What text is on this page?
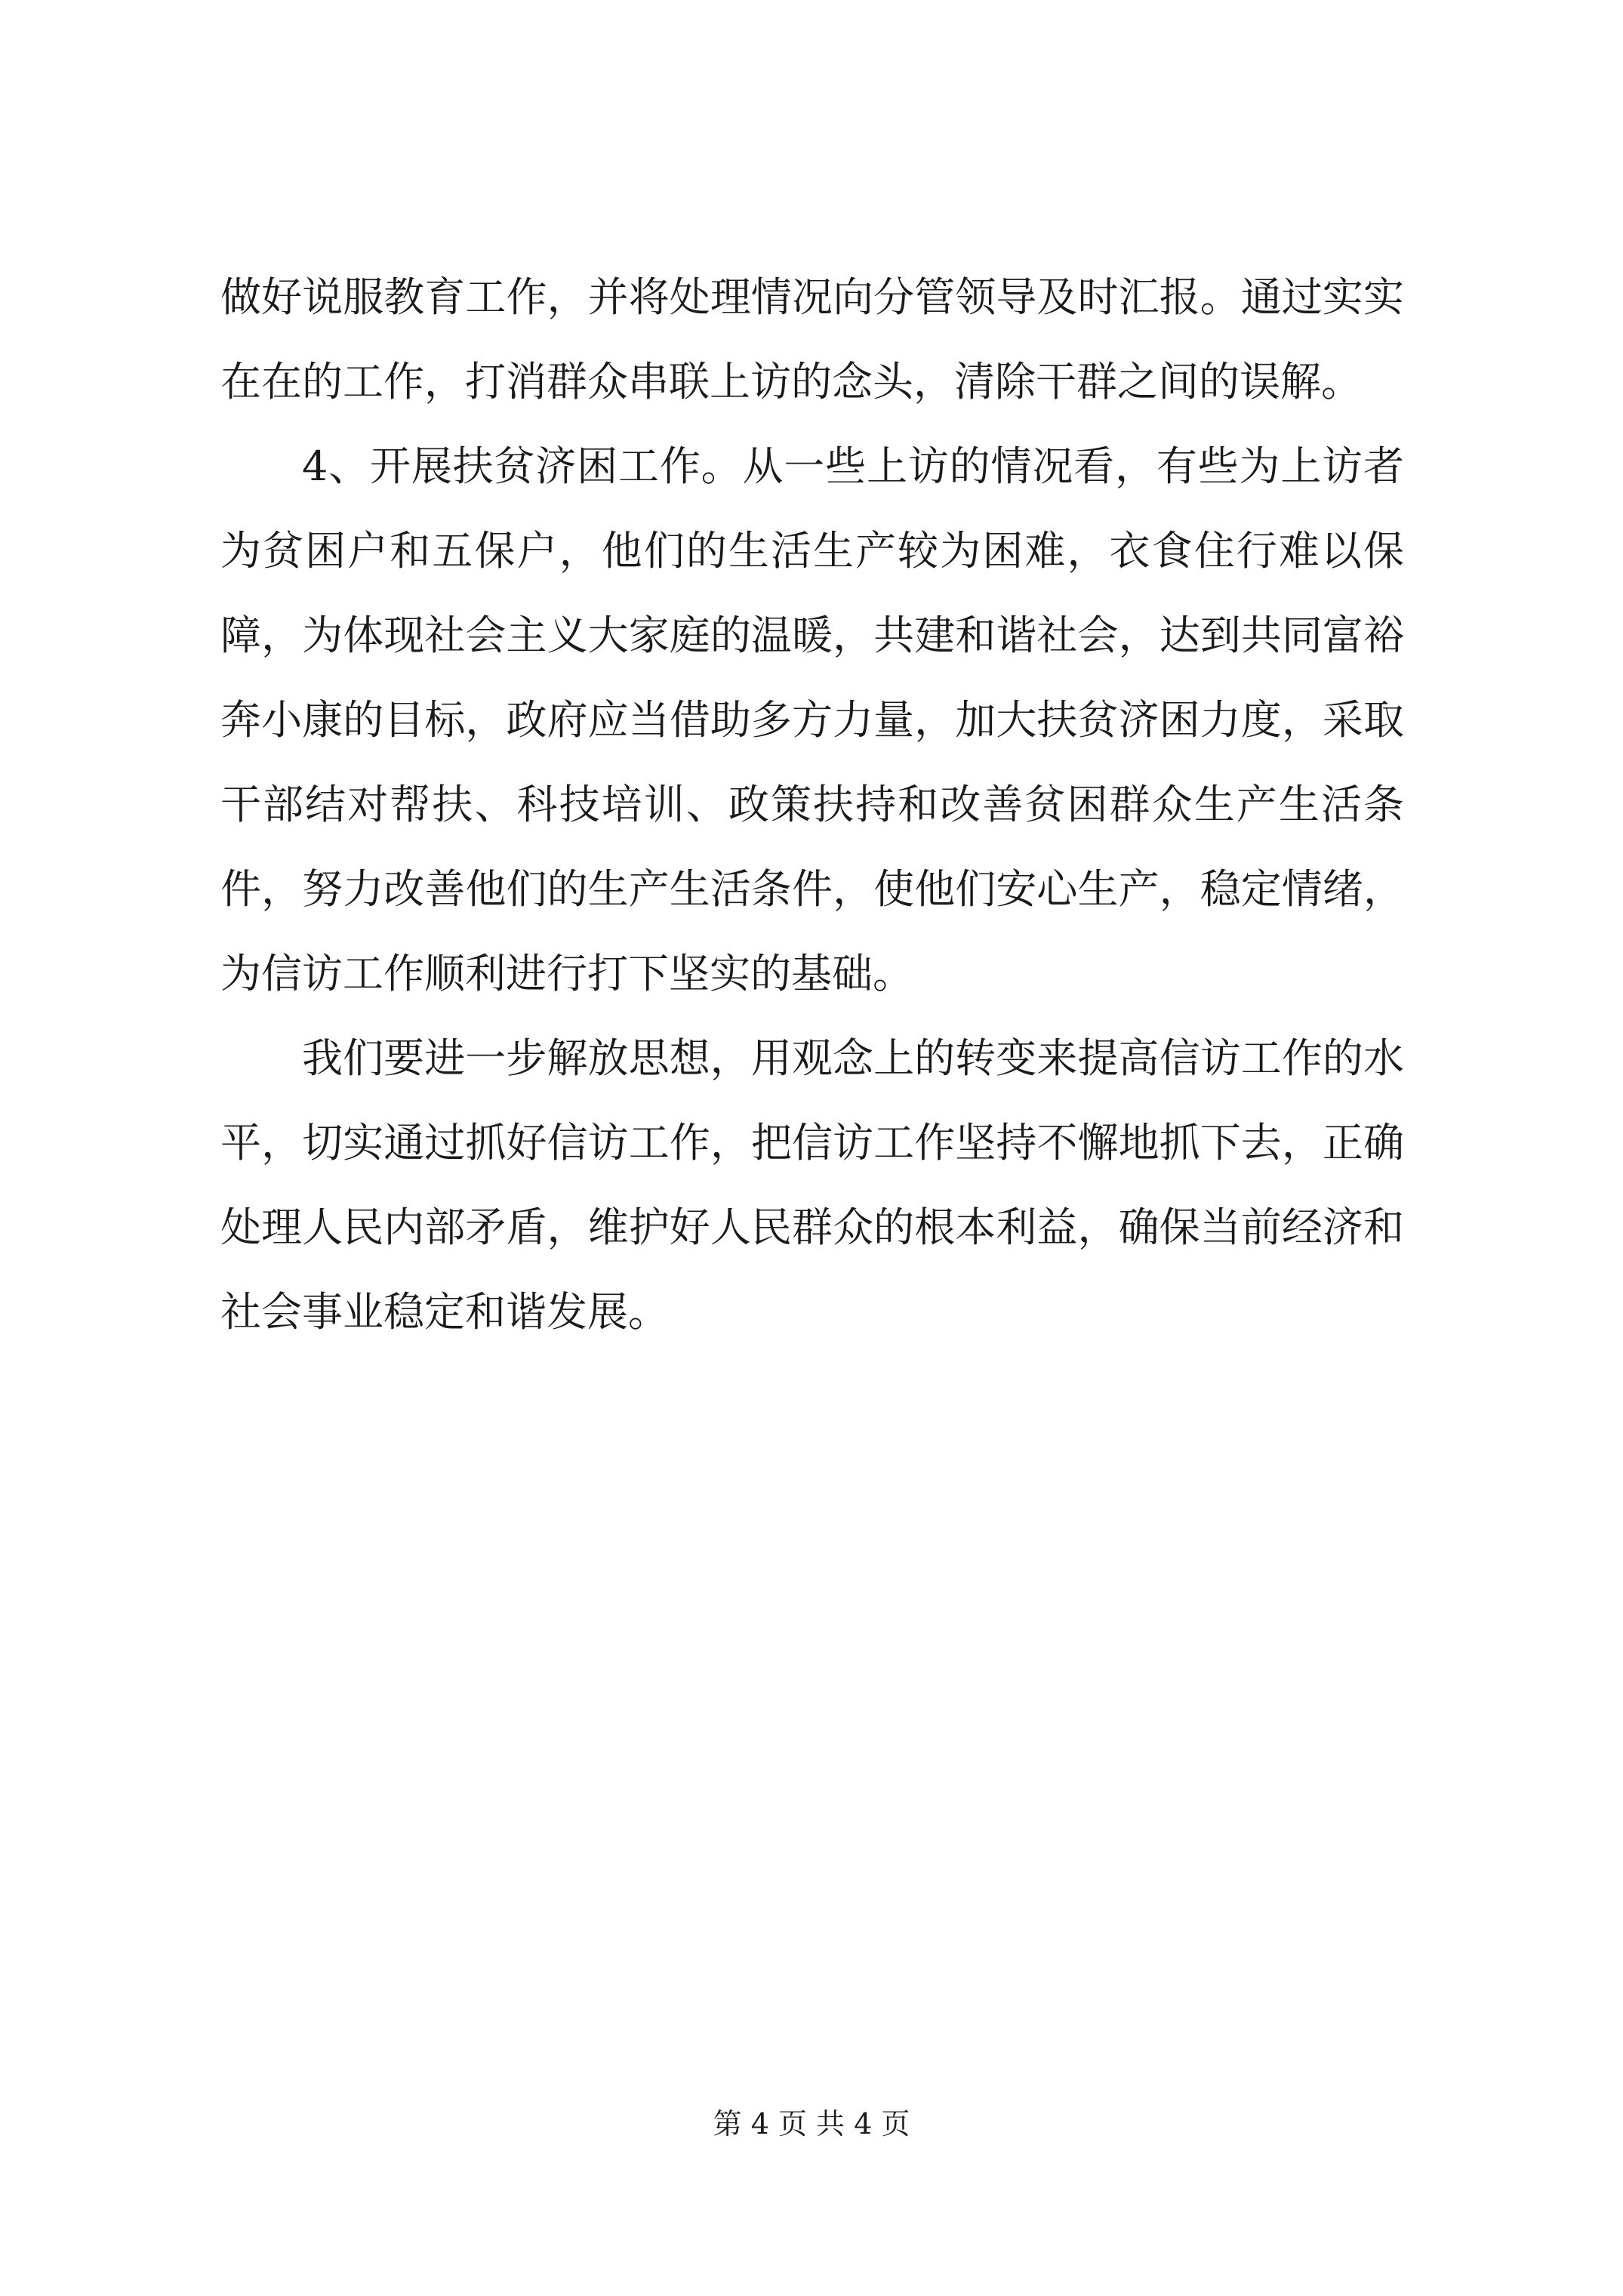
做好说服教育工作，并将处理情况向分管领导及时汇报。通过实实在在的工作，打消群众串联上访的念头，清除干群之间的误解。

4、开展扶贫济困工作。从一些上访的情况看，有些为上访者为贫困户和五保户，他们的生活生产较为困难，衣食住行难以保障，为体现社会主义大家庭的温暖，共建和谐社会，达到共同富裕奔小康的目标，政府应当借助多方力量，加大扶贫济困力度，采取干部结对帮扶、科技培训、政策扶持和改善贫困群众生产生活条件，努力改善他们的生产生活条件，使他们安心生产，稳定情绪，为信访工作顺利进行打下坚实的基础。

我们要进一步解放思想，用观念上的转变来提高信访工作的水平，切实通过抓好信访工作，把信访工作坚持不懈地抓下去，正确处理人民内部矛盾，维护好人民群众的根本利益，确保当前经济和社会事业稳定和谐发展。

第 4 页 共 4 页
